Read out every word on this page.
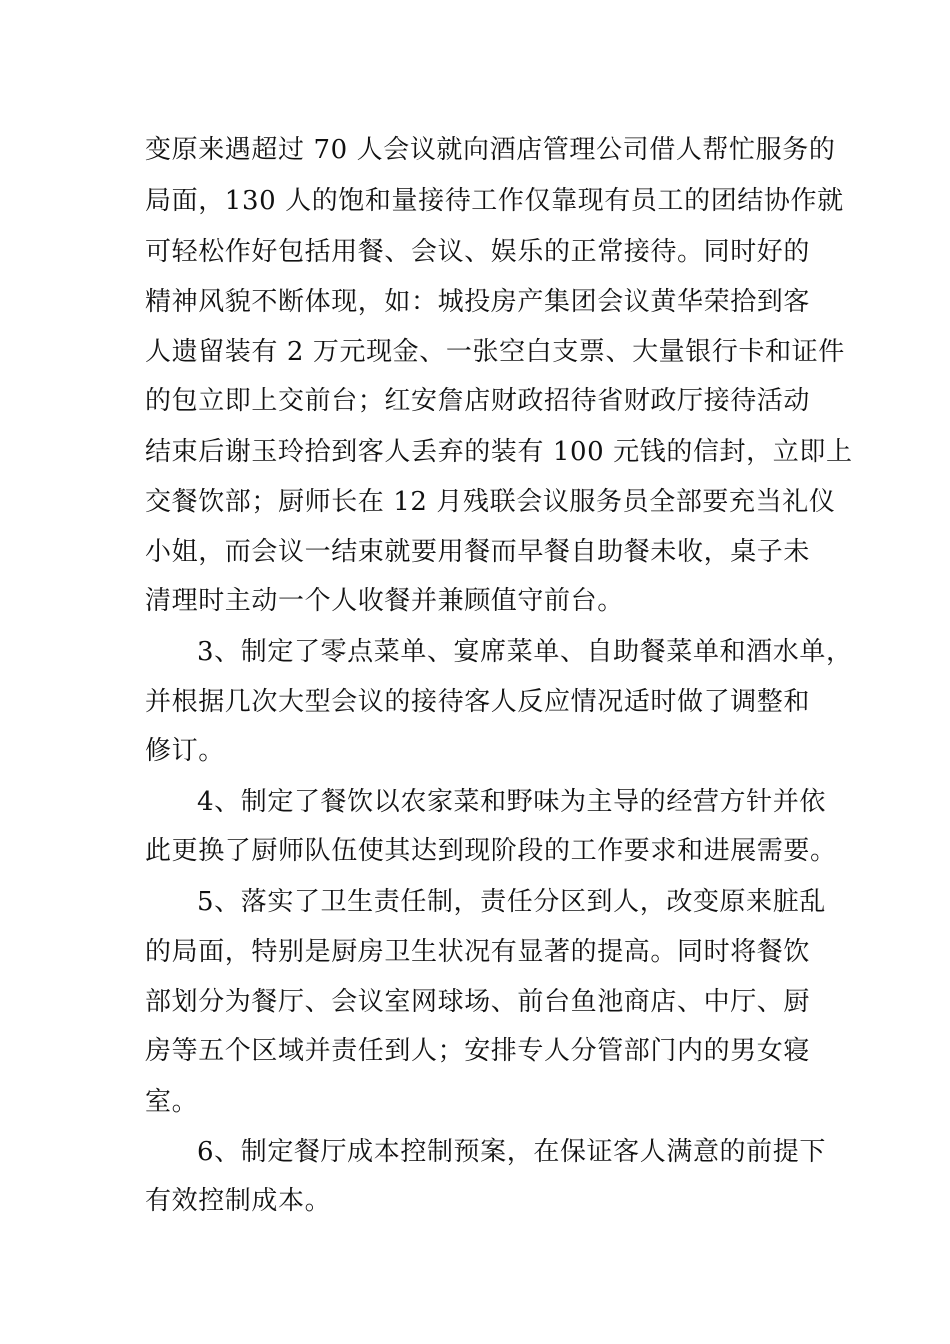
变原来遇超过 70 人会议就向酒店管理公司借人帮忙服务的
局面，130 人的饱和量接待工作仅靠现有员工的团结协作就
可轻松作好包括用餐、会议、娱乐的正常接待。同时好的
精神风貌不断体现，如：城投房产集团会议黄华荣拾到客
人遗留装有 2 万元现金、一张空白支票、大量银行卡和证件
的包立即上交前台；红安詹店财政招待省财政厅接待活动
结束后谢玉玲拾到客人丢弃的装有 100 元钱的信封，立即上
交餐饮部；厨师长在 12 月残联会议服务员全部要充当礼仪
小姐，而会议一结束就要用餐而早餐自助餐未收，桌子未
清理时主动一个人收餐并兼顾值守前台。
3、制定了零点菜单、宴席菜单、自助餐菜单和酒水单，
并根据几次大型会议的接待客人反应情况适时做了调整和
修订。
4、制定了餐饮以农家菜和野味为主导的经营方针并依
此更换了厨师队伍使其达到现阶段的工作要求和进展需要。
5、落实了卫生责任制，责任分区到人，改变原来脏乱
的局面，特别是厨房卫生状况有显著的提高。同时将餐饮
部划分为餐厅、会议室网球场、前台鱼池商店、中厅、厨
房等五个区域并责任到人；安排专人分管部门内的男女寝
室。
6、制定餐厅成本控制预案，在保证客人满意的前提下
有效控制成本。
